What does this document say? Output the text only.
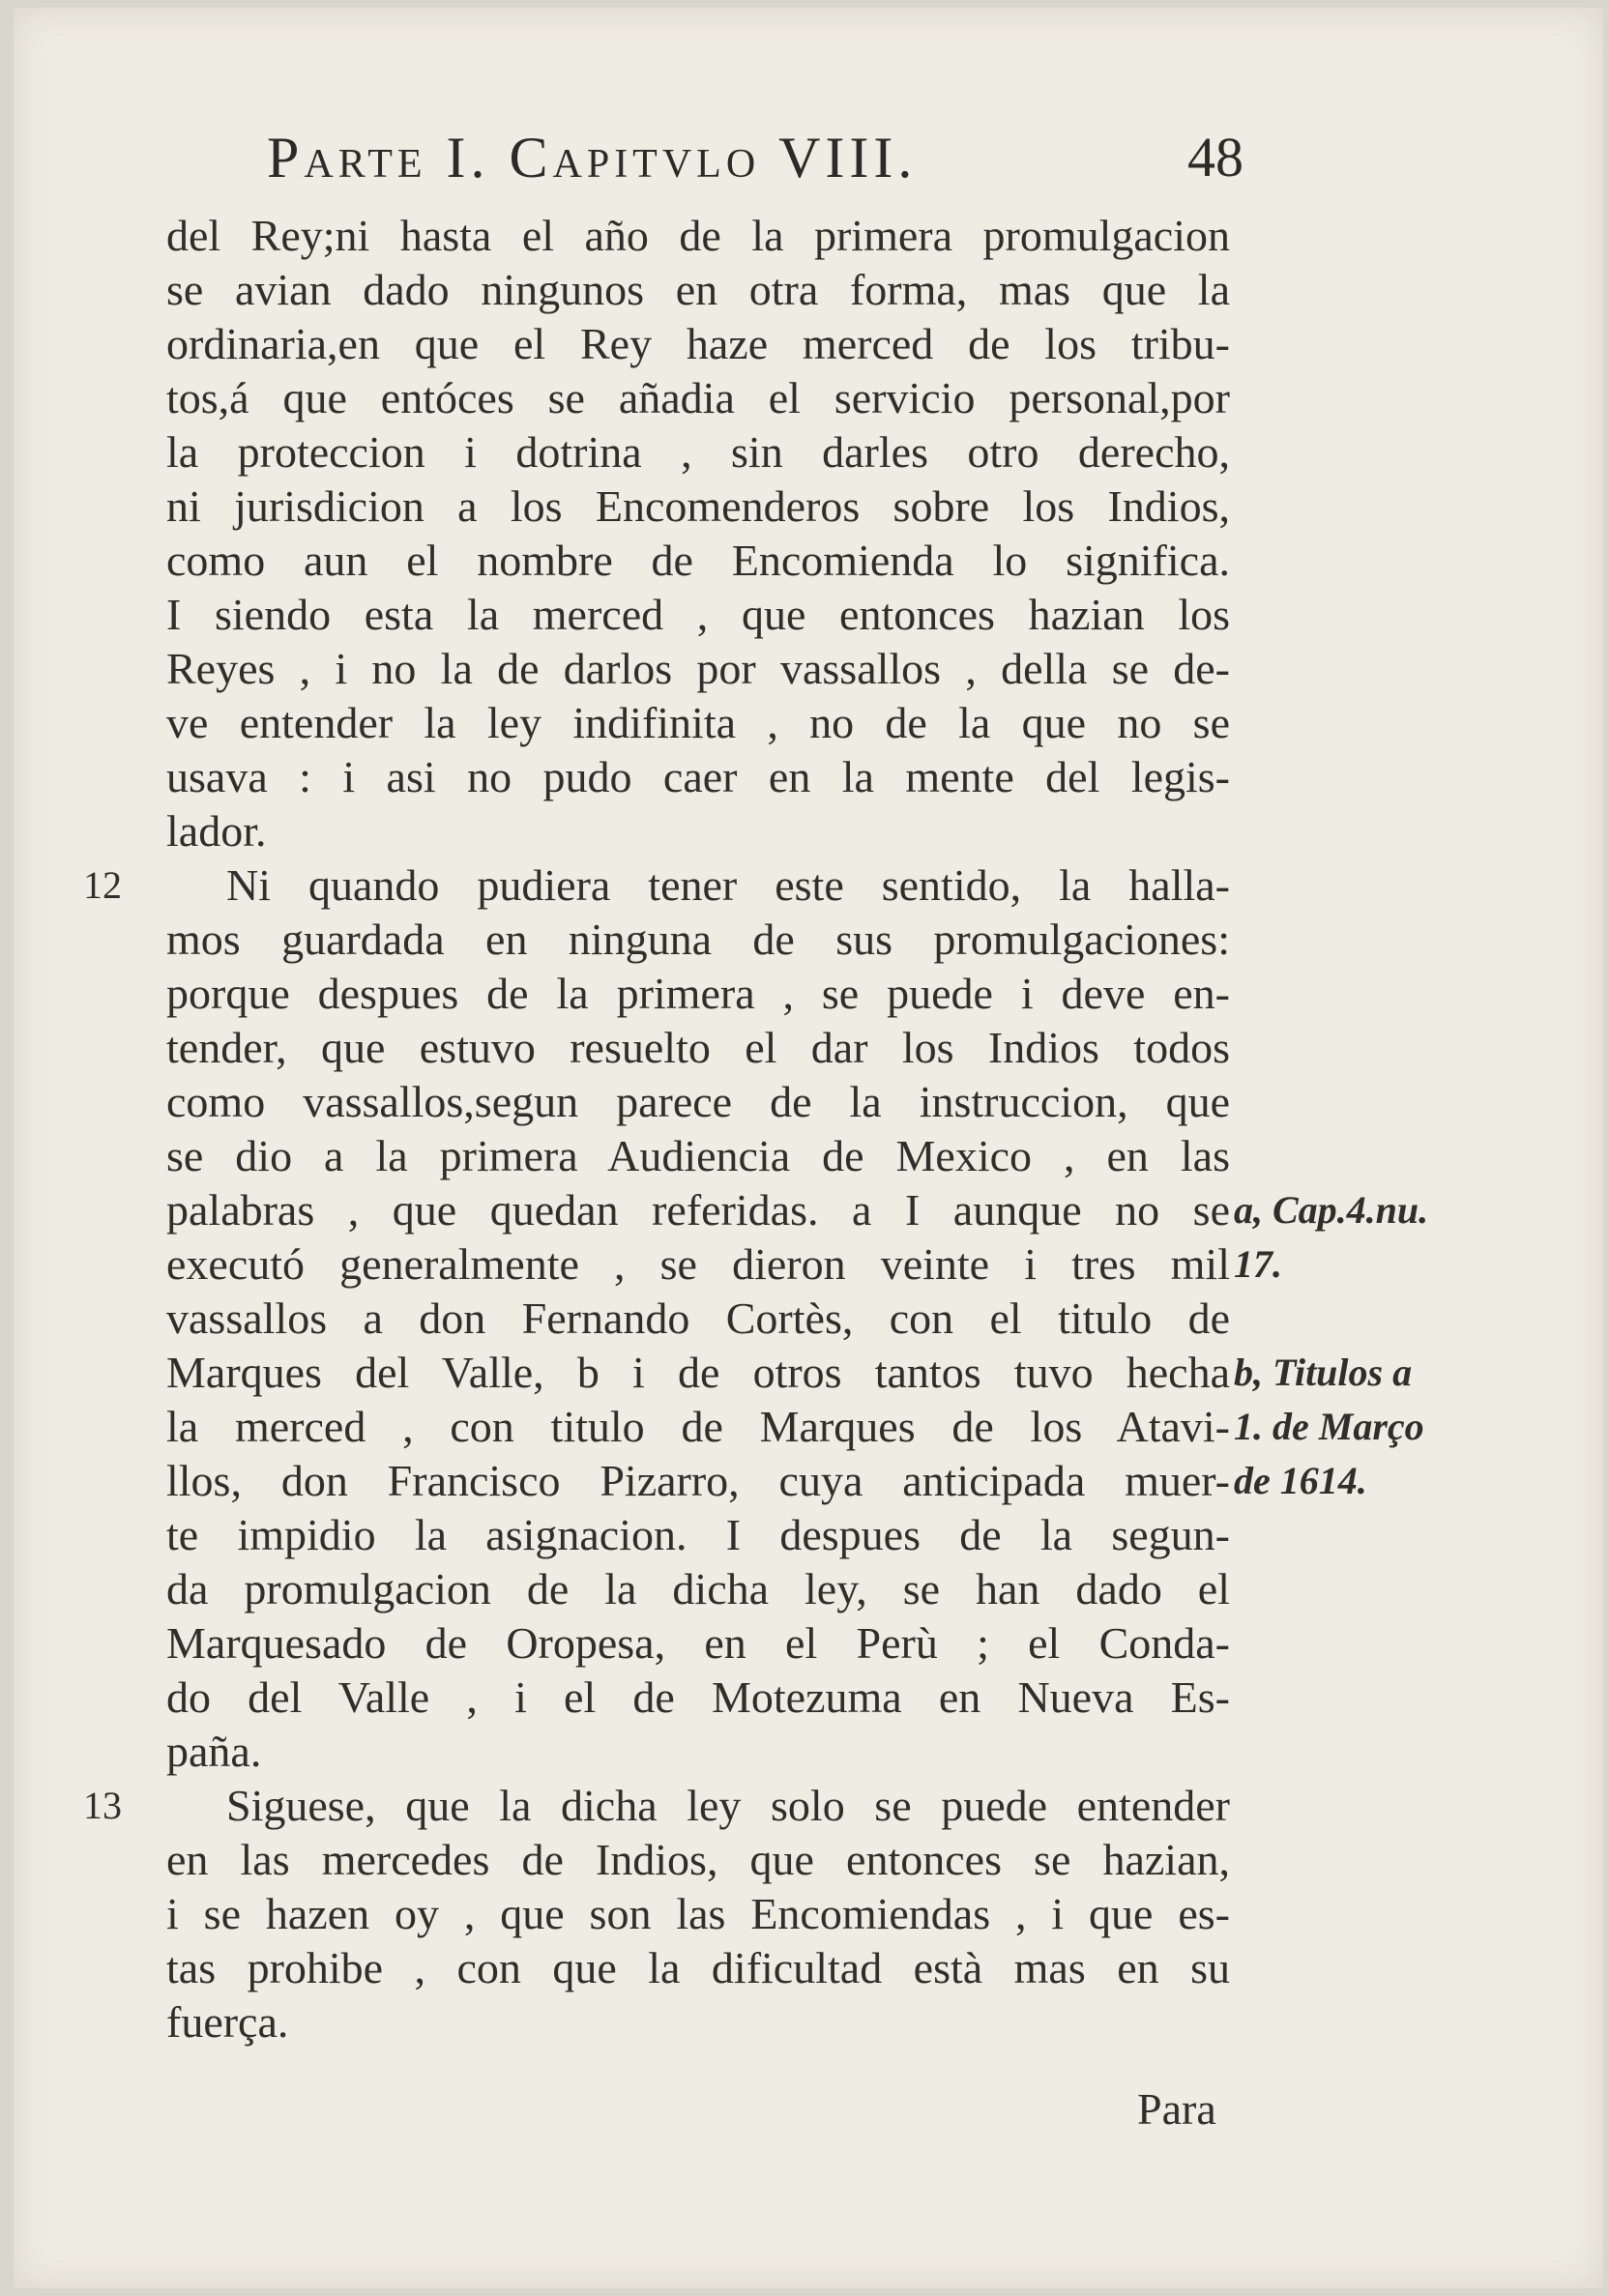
Parte I. Capitvlo VIII.	48
del Rey;ni hasta el año de la primera promulgacion
se avian dado ningunos en otra forma, mas que la
ordinaria,en que el Rey haze merced de los tribu-
tos,á que entóces se añadia el servicio personal,por
la proteccion i dotrina , sin darles otro derecho,
ni jurisdicion a los Encomenderos sobre los Indios,
como aun el nombre de Encomienda lo significa.
I siendo esta la merced , que entonces hazian los
Reyes , i no la de darlos por vassallos , della se de-
ve entender la ley indifinita , no de la que no se
usava : i asi no pudo caer en la mente del legis-
lador.
Ni quando pudiera tener este sentido, la halla-
mos guardada en ninguna de sus promulgaciones:
porque despues de la primera , se puede i deve en-
tender, que estuvo resuelto el dar los Indios todos
como vassallos,segun parece de la instruccion, que
se dio a la primera Audiencia de Mexico , en las
palabras , que quedan referidas. a I aunque no se
executó generalmente , se dieron veinte i tres mil
vassallos a don Fernando Cortès, con el titulo de
Marques del Valle, b i de otros tantos tuvo hecha
la merced , con titulo de Marques de los Atavi-
llos, don Francisco Pizarro, cuya anticipada muer-
te impidio la asignacion. I despues de la segun-
da promulgacion de la dicha ley, se han dado el
Marquesado de Oropesa, en el Perù ; el Conda-
do del Valle , i el de Motezuma en Nueva Es-
paña.
Siguese, que la dicha ley solo se puede entender
en las mercedes de Indios, que entonces se hazian,
i se hazen oy , que son las Encomiendas , i que es-
tas prohibe , con que la dificultad està mas en su
fuerça.
12
13
a, Cap.4.nu.
17.
b, Titulos a
1. de Março
de 1614.
Para
